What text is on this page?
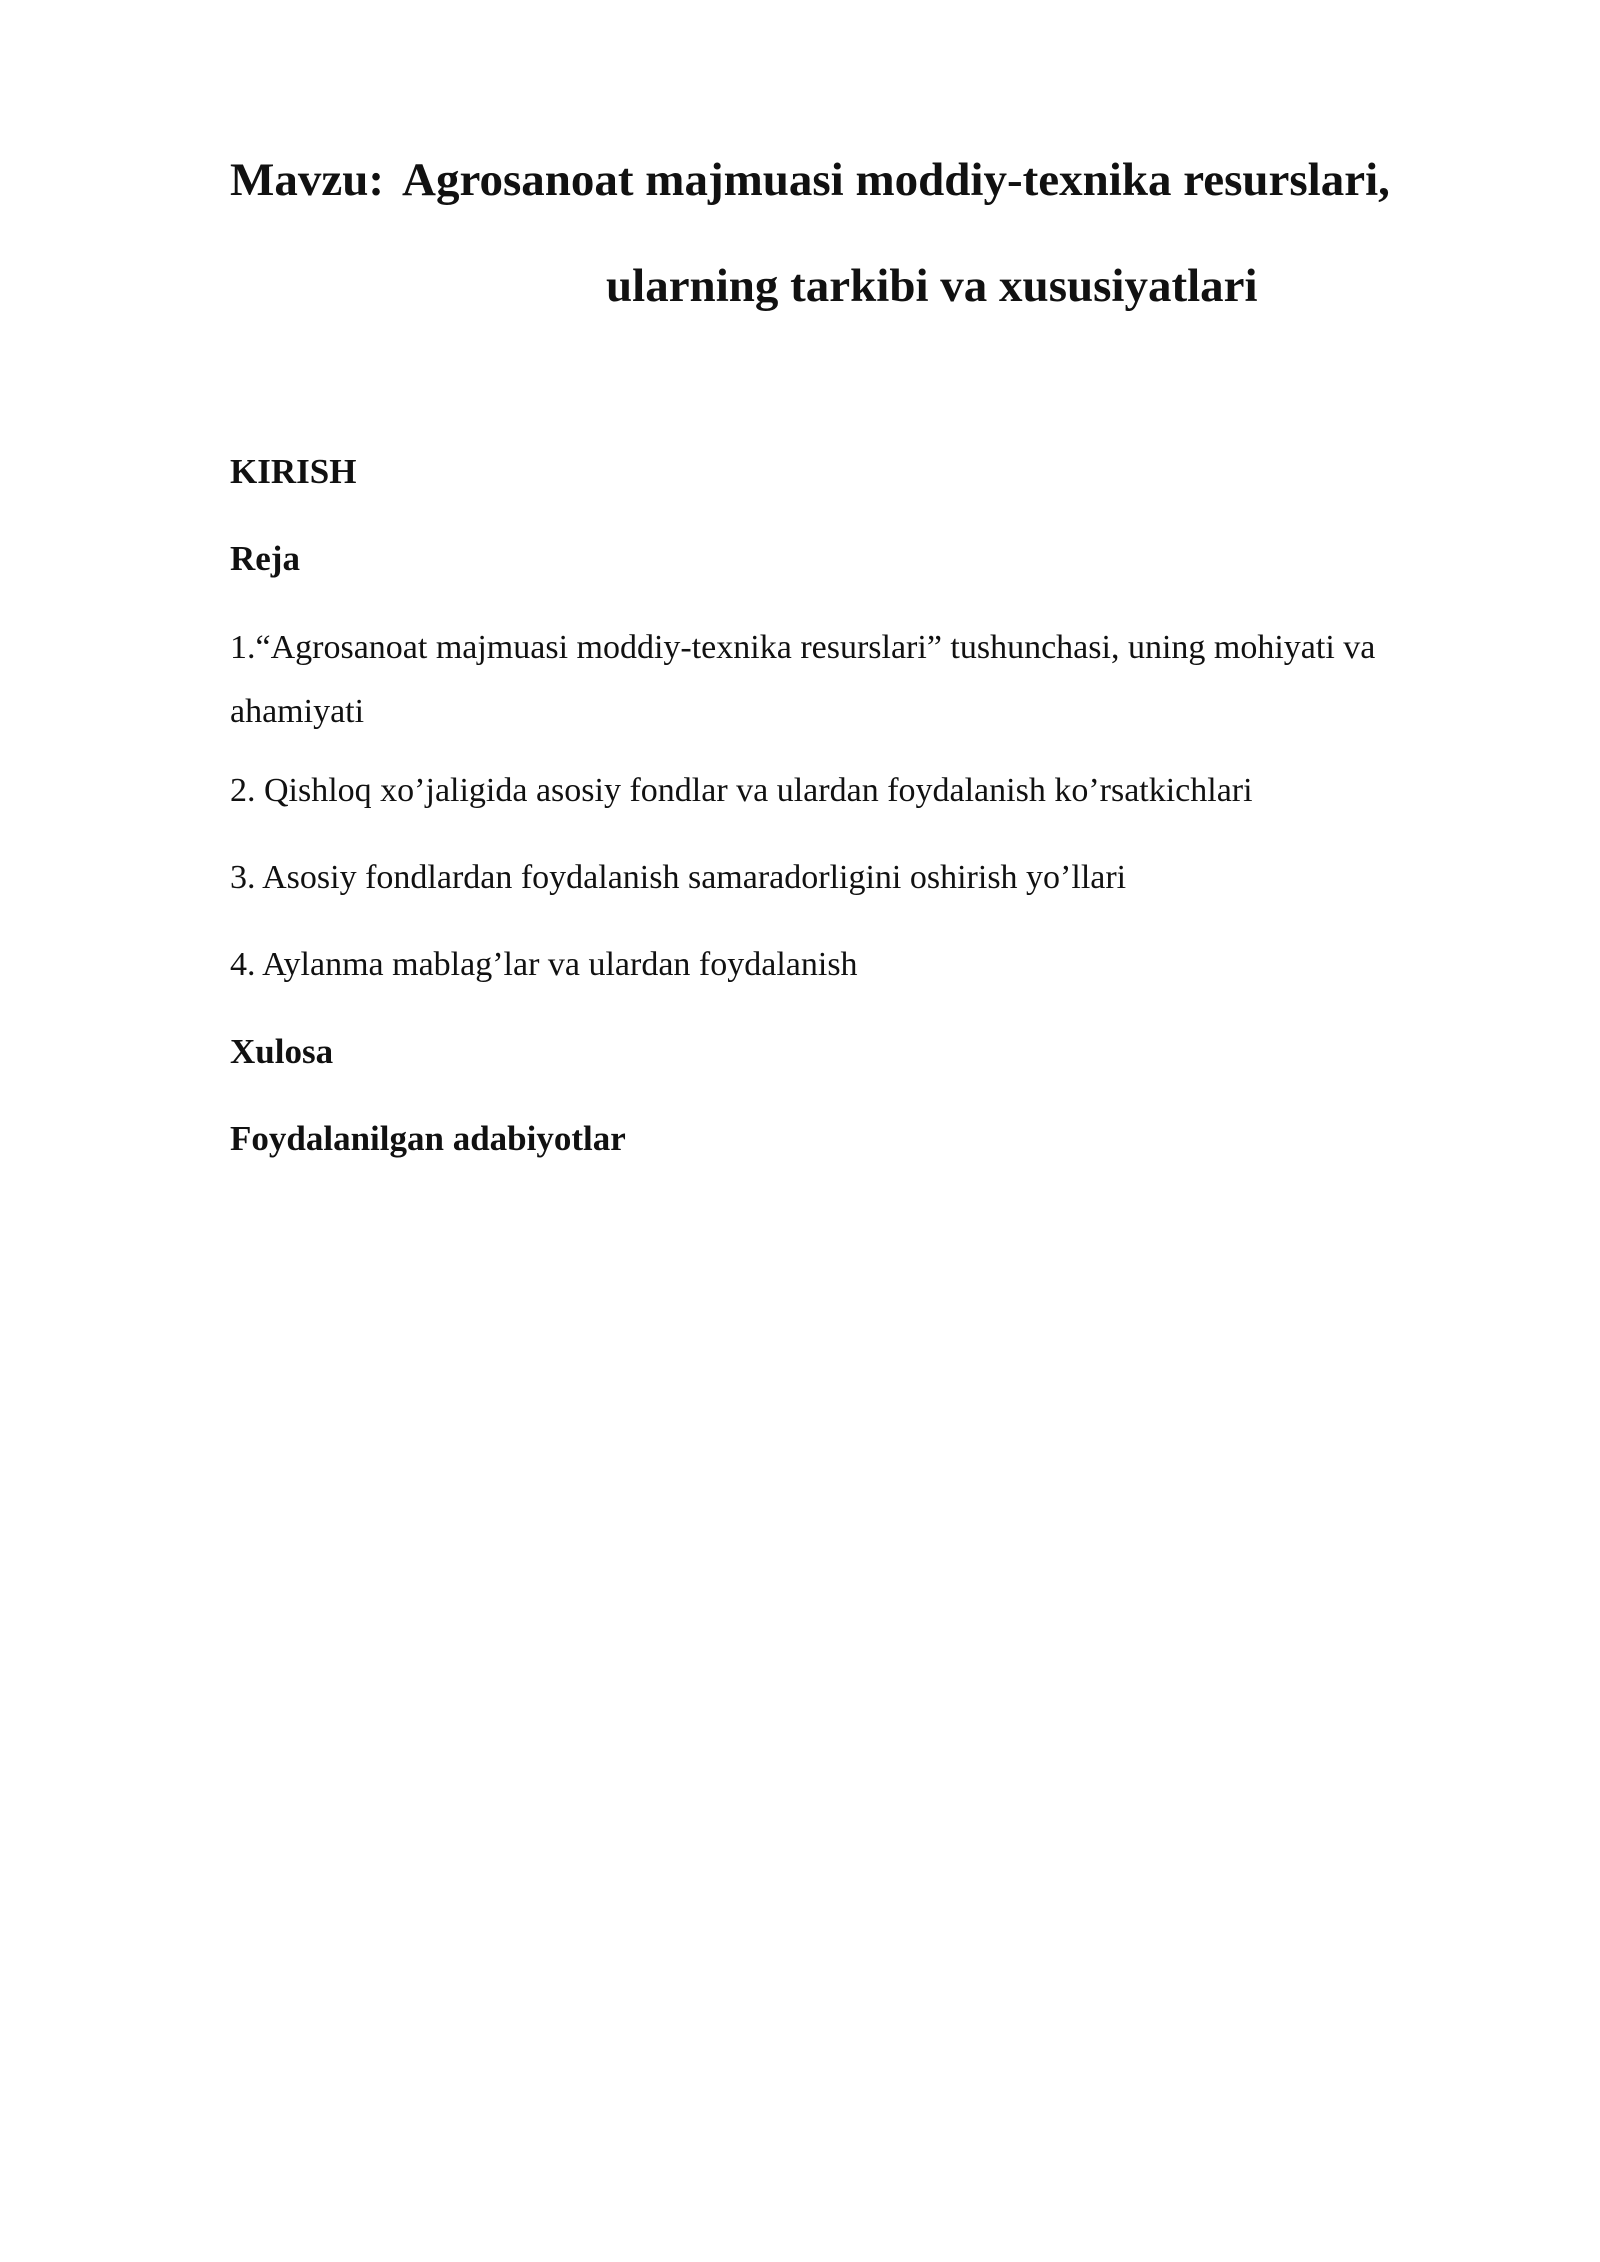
Mavzu: Agrosanoat majmuasi moddiy-texnika resurslari,
ularning tarkibi va xususiyatlari
KIRISH
Reja
1.“Agrosanoat majmuasi moddiy-texnika resurslari” tushunchasi, uning mohiyati va ahamiyati
2. Qishloq xo’jaligida asosiy fondlar va ulardan foydalanish ko’rsatkichlari
3. Asosiy fondlardan foydalanish samaradorligini oshirish yo’llari
4. Aylanma mablag’lar va ulardan foydalanish
Xulosa
Foydalanilgan adabiyotlar
